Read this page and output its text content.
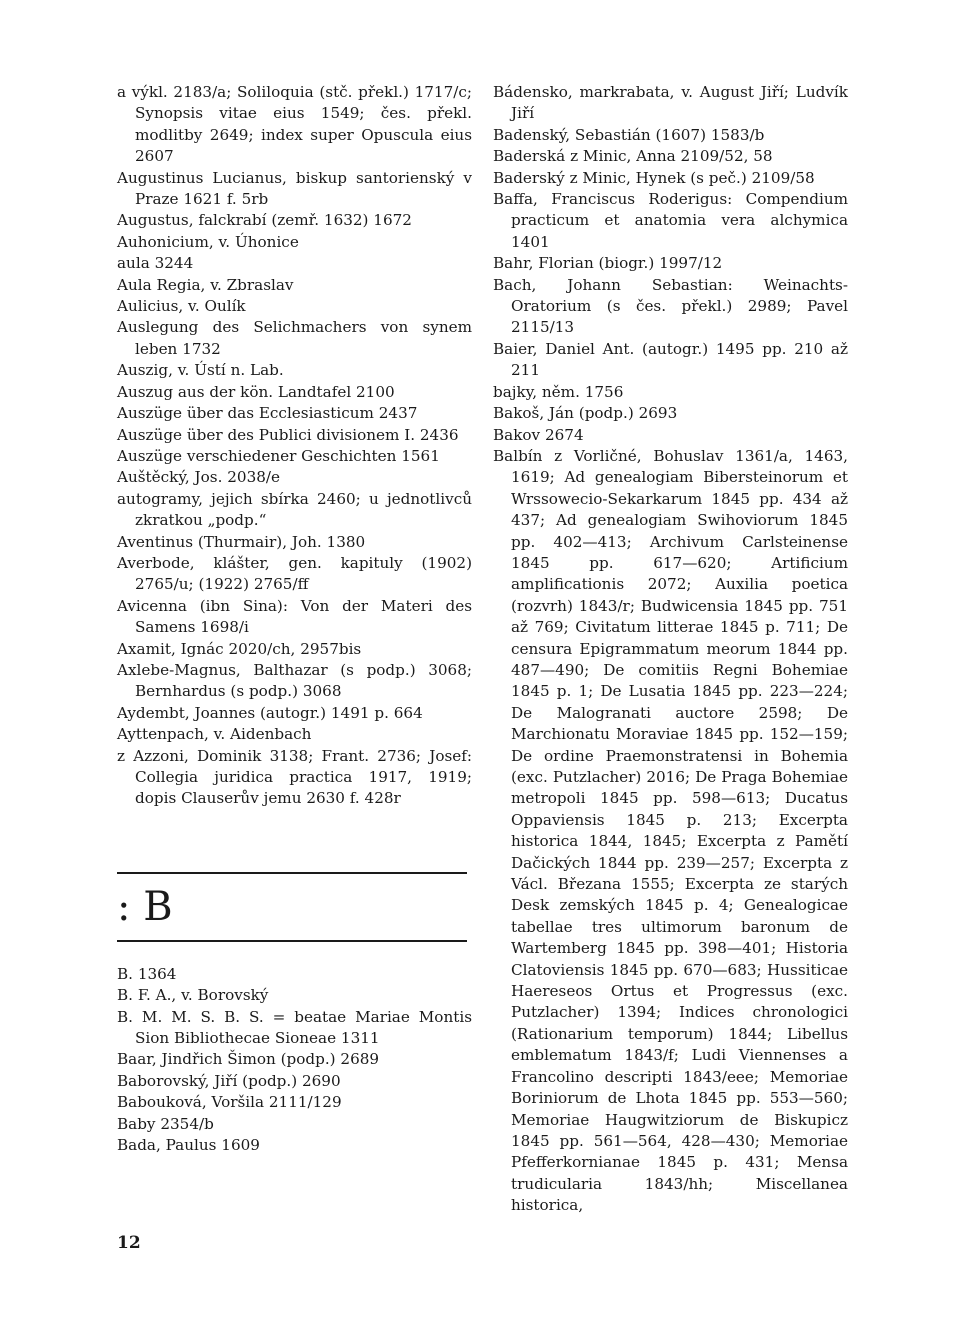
a výkl. 2183/a; Soliloquia (stč. překl.) 1717/c; Synopsis vitae eius 1549; čes. překl. modlitby 2649; index super Opuscula eius 2607
Augustinus Lucianus, biskup santorienský v Praze 1621 f. 5rb
Augustus, falckrabí (zemř. 1632) 1672
Auhonicium, v. Úhonice
aula 3244
Aula Regia, v. Zbraslav
Aulicius, v. Oulík
Auslegung des Selichmachers von synem leben 1732
Auszig, v. Ústí n. Lab.
Auszug aus der kön. Landtafel 2100
Auszüge über das Ecclesiasticum 2437
Auszüge über des Publici divisionem I. 2436
Auszüge verschiedener Geschichten 1561
Auštěcký, Jos. 2038/e
autogramy, jejich sbírka 2460; u jednotlivců zkratkou „podp.“
Aventinus (Thurmair), Joh. 1380
Averbode, klášter, gen. kapituly (1902) 2765/u; (1922) 2765/ff
Avicenna (ibn Sina): Von der Materi des Samens 1698/i
Axamit, Ignác 2020/ch, 2957bis
Axlebe-Magnus, Balthazar (s podp.) 3068; Bernhardus (s podp.) 3068
Aydembt, Joannes (autogr.) 1491 p. 664
Ayttenpach, v. Aidenbach
z Azzoni, Dominik 3138; Frant. 2736; Josef: Collegia juridica practica 1917, 1919; dopis Clauserův jemu 2630 f. 428r
: B
B. 1364
B. F. A., v. Borovský
B. M. M. S. B. S. = beatae Mariae Montis Sion Bibliothecae Sioneae 1311
Baar, Jindřich Šimon (podp.) 2689
Baborovský, Jiří (podp.) 2690
Babouková, Voršila 2111/129
Baby 2354/b
Bada, Paulus 1609
Bádensko, markrabata, v. August Jiří; Ludvík Jiří
Badenský, Sebastián (1607) 1583/b
Baderská z Minic, Anna 2109/52, 58
Baderský z Minic, Hynek (s peč.) 2109/58
Baffa, Franciscus Roderigus: Compendium practicum et anatomia vera alchymica 1401
Bahr, Florian (biogr.) 1997/12
Bach, Johann Sebastian: Weinachts-Oratorium (s čes. překl.) 2989; Pavel 2115/13
Baier, Daniel Ant. (autogr.) 1495 pp. 210 až 211
bajky, něm. 1756
Bakoš, Ján (podp.) 2693
Bakov 2674
Balbín z Vorličné, Bohuslav 1361/a, 1463, 1619; Ad genealogiam Bibersteinorum et Wrssowecio-Sekarkarum 1845 pp. 434 až 437; Ad genealogiam Swihoviorum 1845 pp. 402—413; Archivum Carlsteinense 1845 pp. 617—620; Artificium amplificationis 2072; Auxilia poetica (rozvrh) 1843/r; Budwicensia 1845 pp. 751 až 769; Civitatum litterae 1845 p. 711; De censura Epigrammatum meorum 1844 pp. 487—490; De comitiis Regni Bohemiae 1845 p. 1; De Lusatia 1845 pp. 223—224; De Malogranati auctore 2598; De Marchionatu Moraviae 1845 pp. 152—159; De ordine Praemonstratensi in Bohemia (exc. Putzlacher) 2016; De Praga Bohemiae metropoli 1845 pp. 598—613; Ducatus Oppaviensis 1845 p. 213; Excerpta historica 1844, 1845; Excerpta z Pamětí Dačických 1844 pp. 239—257; Excerpta z Václ. Březana 1555; Excerpta ze starých Desk zemských 1845 p. 4; Genealogicae tabellae tres ultimorum baronum de Wartemberg 1845 pp. 398—401; Historia Clatoviensis 1845 pp. 670—683; Hussiticae Haereseos Ortus et Progressus (exc. Putzlacher) 1394; Indices chronologici (Rationarium temporum) 1844; Libellus emblematum 1843/f; Ludi Viennenses a Francolino descripti 1843/eee; Memoriae Boriniorum de Lhota 1845 pp. 553—560; Memoriae Haugwitziorum de Biskupicz 1845 pp. 561—564, 428—430; Memoriae Pfefferkornianae 1845 p. 431; Mensa trudicularia 1843/hh; Miscellanea historica,
12
